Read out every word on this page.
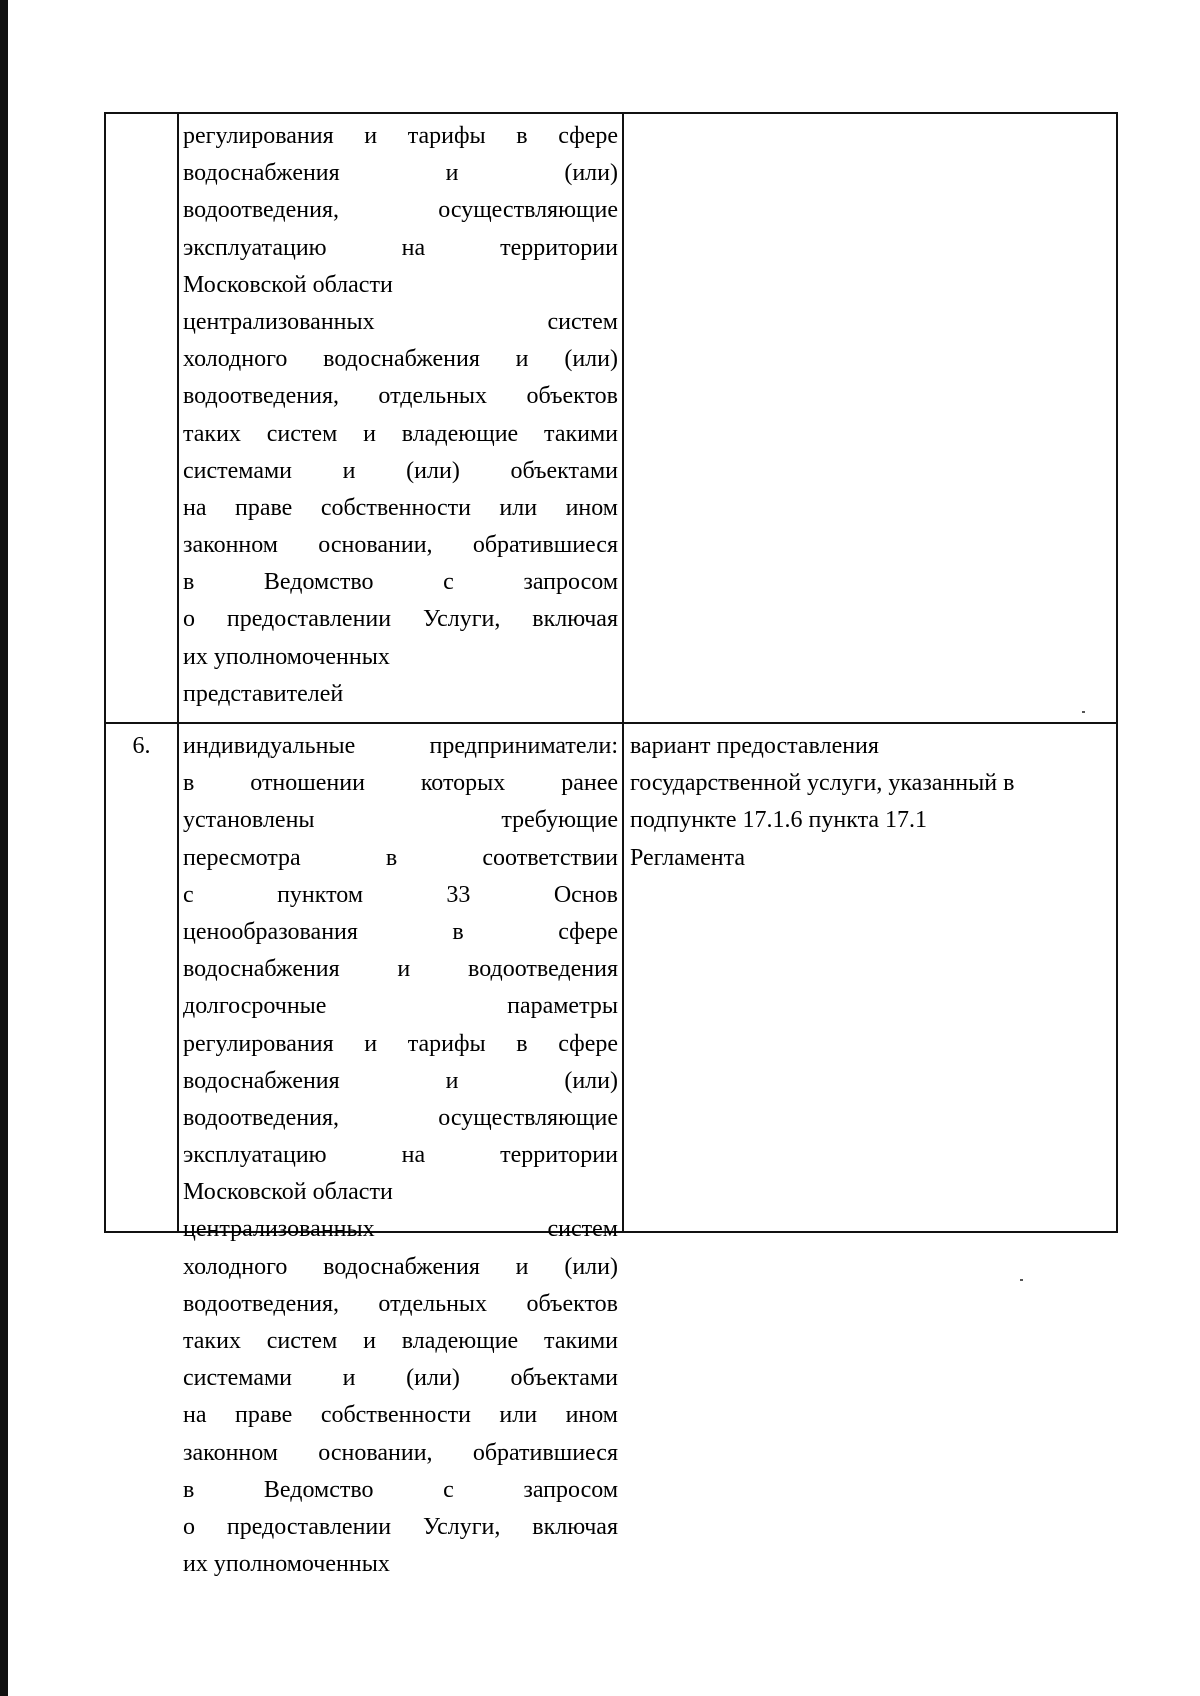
регулирования и тарифы в сфере
водоснабжения и (или)
водоотведения, осуществляющие
эксплуатацию на территории
Московской области
централизованных систем
холодного водоснабжения и (или)
водоотведения, отдельных объектов
таких систем и владеющие такими
системами и (или) объектами
на праве собственности или ином
законном основании, обратившиеся
в Ведомство с запросом
о предоставлении Услуги, включая
их уполномоченных
представителей
6.	индивидуальные предприниматели:
в отношении которых ранее
установлены требующие
пересмотра в соответствии
с пунктом 33 Основ
ценообразования в сфере
водоснабжения и водоотведения
долгосрочные параметры
регулирования и тарифы в сфере
водоснабжения и (или)
водоотведения, осуществляющие
эксплуатацию на территории
Московской области
централизованных систем
холодного водоснабжения и (или)
водоотведения, отдельных объектов
таких систем и владеющие такими
системами и (или) объектами
на праве собственности или ином
законном основании, обратившиеся
в Ведомство с запросом
о предоставлении Услуги, включая
их уполномоченных
вариант предоставления
государственной услуги, указанный в
подпункте 17.1.6 пункта 17.1
Регламента
